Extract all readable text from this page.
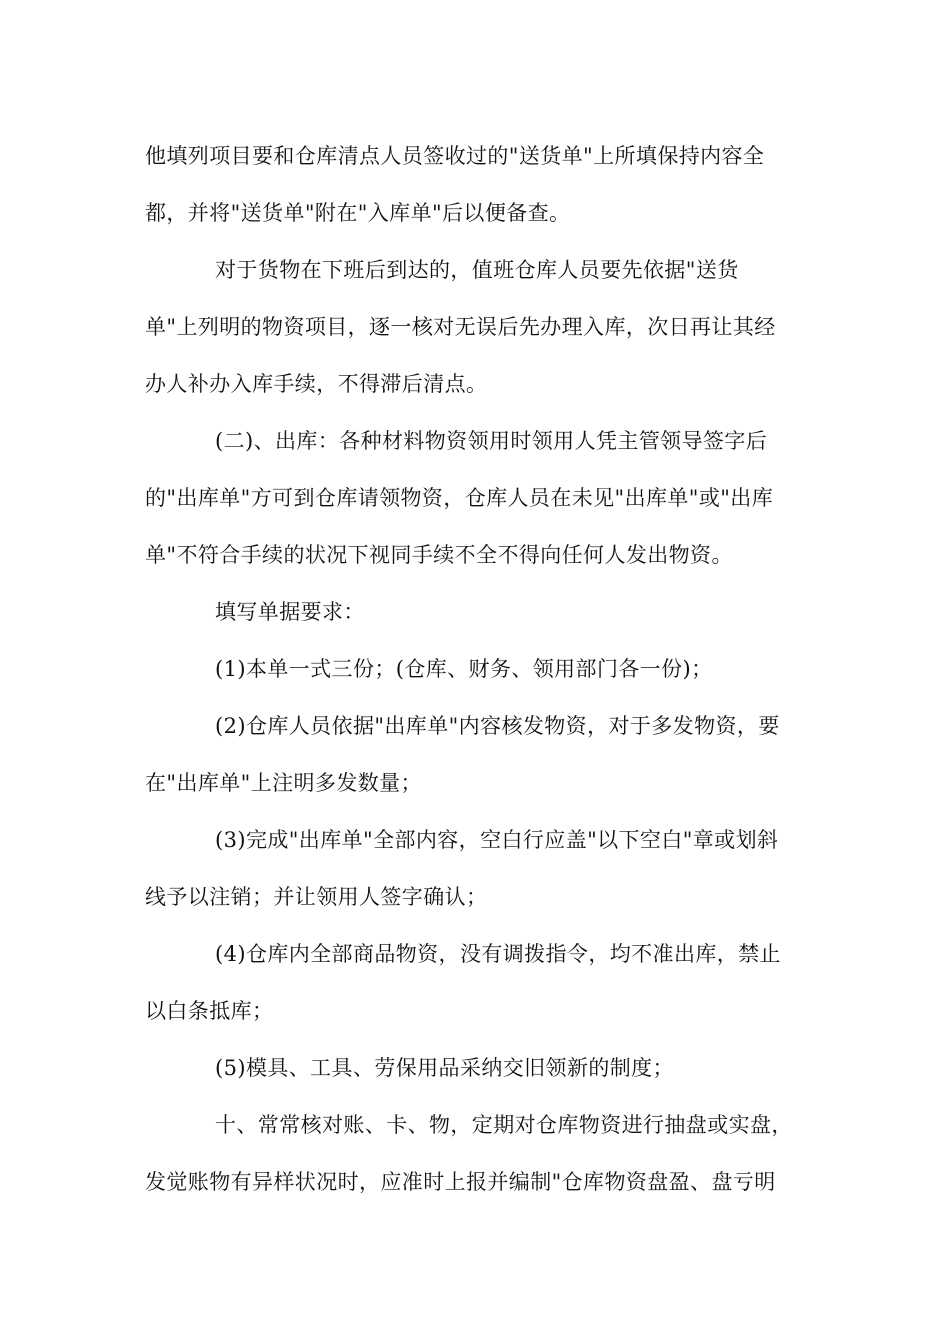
他填列项目要和仓库清点人员签收过的"送货单"上所填保持内容全
都，并将"送货单"附在"入库单"后以便备查。

对于货物在下班后到达的，值班仓库人员要先依据"送货
单"上列明的物资项目，逐一核对无误后先办理入库，次日再让其经
办人补办入库手续，不得滞后清点。

(二)、出库：各种材料物资领用时领用人凭主管领导签字后
的"出库单"方可到仓库请领物资，仓库人员在未见"出库单"或"出库
单"不符合手续的状况下视同手续不全不得向任何人发出物资。

填写单据要求：

(1)本单一式三份；(仓库、财务、领用部门各一份)；

(2)仓库人员依据"出库单"内容核发物资，对于多发物资，要
在"出库单"上注明多发数量；

(3)完成"出库单"全部内容，空白行应盖"以下空白"章或划斜
线予以注销；并让领用人签字确认；

(4)仓库内全部商品物资，没有调拨指令，均不准出库，禁止
以白条抵库；

(5)模具、工具、劳保用品采纳交旧领新的制度；

十、常常核对账、卡、物，定期对仓库物资进行抽盘或实盘，
发觉账物有异样状况时，应准时上报并编制"仓库物资盘盈、盘亏明
